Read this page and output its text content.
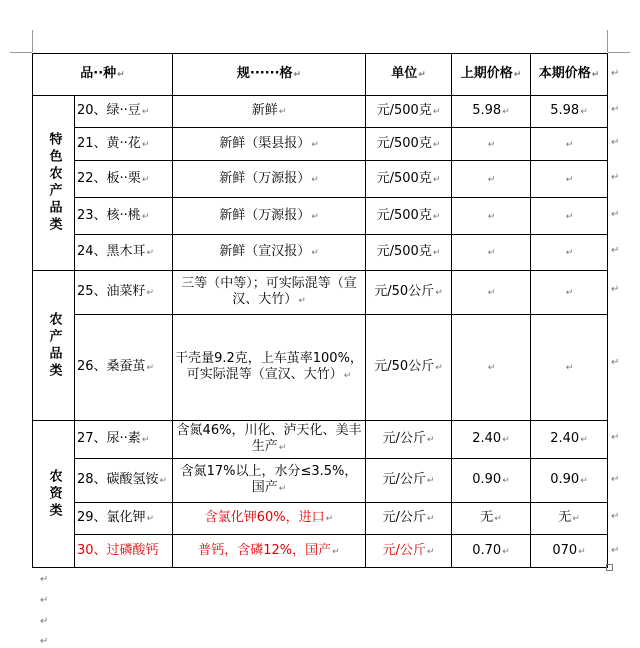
品··种↵		规······格↵	单位↵	上期价格↵	本期价格↵

特色农产品类	20、绿··豆↵	新鲜↵	元/500克↵	5.98↵	5.98↵
	21、黄··花↵	新鲜（渠县报）↵	元/500克↵	↵	↵
	22、板··栗↵	新鲜（万源报）↵	元/500克↵	↵	↵
	23、核··桃↵	新鲜（万源报）↵	元/500克↵	↵	↵
	24、黑木耳↵	新鲜（宣汉报）↵	元/500克↵	↵	↵

农产品类	25、油菜籽↵	三等（中等）；可实际混等（宣汉、大竹）↵	元/50公斤↵	↵	↵
	26、桑蚕茧↵	干壳量9.2克，上车茧率100%，可实际混等（宣汉、大竹）↵	元/50公斤↵	↵	↵

农资类	27、尿··素↵	含氮46%，川化、泸天化、美丰生产↵	元/公斤↵	2.40↵	2.40↵
	28、碳酸氢铵↵	含氮17%以上，水分≤3.5%，国产↵	元/公斤↵	0.90↵	0.90↵
	29、氯化钾↵	含氯化钾60%，进口↵	元/公斤↵	无↵	无↵
	30、过磷酸钙	普钙，含磷12%，国产↵	元/公斤↵	0.70↵	070↵
↵
↵
↵
↵
↵
↵
↵
↵
↵
↵
↵
↵
↵
↵
↵
↵
